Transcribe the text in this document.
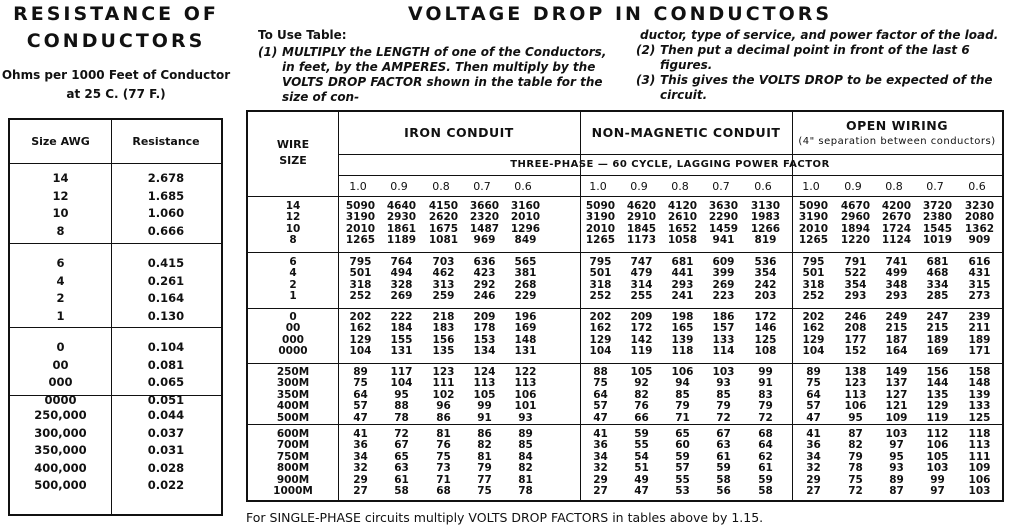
RESISTANCE OF
CONDUCTORS
Ohms per 1000 Feet of Conductor
at 25 C. (77 F.)
Size AWG	Resistance
14	2.678
12	1.685
10	1.060
8	0.666
6	0.415
4	0.261
2	0.164
1	0.130
0	0.104
00	0.081
000	0.065
0000	0.051
250,000	0.044
300,000	0.037
350,000	0.031
400,000	0.028
500,000	0.022
VOLTAGE DROP IN CONDUCTORS
To Use Table:
(1) MULTIPLY the LENGTH of one of the Conductors, in feet, by the AMPERES. Then multiply by the VOLTS DROP FACTOR shown in the table for the size of con-
ductor, type of service, and power factor of the load.
(2) Then put a decimal point in front of the last 6 figures.
(3) This gives the VOLTS DROP to be expected of the circuit.
WIRE
SIZE
IRON CONDUIT	NON-MAGNETIC CONDUIT	OPEN WIRING
(4" separation between conductors)
THREE-PHASE — 60 CYCLE, LAGGING POWER FACTOR
1.0	0.9	0.8	0.7	0.6	1.0	0.9	0.8	0.7	0.6	1.0	0.9	0.8	0.7	0.6
14	5090	4640	4150	3660	3160	5090	4620	4120	3630	3130	5090	4670	4200	3720	3230
12	3190	2930	2620	2320	2010	3190	2910	2610	2290	1983	3190	2960	2670	2380	2080
10	2010	1861	1675	1487	1296	2010	1845	1652	1459	1266	2010	1894	1724	1545	1362
8	1265	1189	1081	969	849	1265	1173	1058	941	819	1265	1220	1124	1019	909
6	795	764	703	636	565	795	747	681	609	536	795	791	741	681	616
4	501	494	462	423	381	501	479	441	399	354	501	522	499	468	431
2	318	328	313	292	268	318	314	293	269	242	318	354	348	334	315
1	252	269	259	246	229	252	255	241	223	203	252	293	293	285	273
0	202	222	218	209	196	202	209	198	186	172	202	246	249	247	239
00	162	184	183	178	169	162	172	165	157	146	162	208	215	215	211
000	129	155	156	153	148	129	142	139	133	125	129	177	187	189	189
0000	104	131	135	134	131	104	119	118	114	108	104	152	164	169	171
250M	89	117	123	124	122	88	105	106	103	99	89	138	149	156	158
300M	75	104	111	113	113	75	92	94	93	91	75	123	137	144	148
350M	64	95	102	105	106	64	82	85	85	83	64	113	127	135	139
400M	57	88	96	99	101	57	76	79	79	79	57	106	121	129	133
500M	47	78	86	91	93	47	66	71	72	72	47	95	109	119	125
600M	41	72	81	86	89	41	59	65	67	68	41	87	103	112	118
700M	36	67	76	82	85	36	55	60	63	64	36	82	97	106	113
750M	34	65	75	81	84	34	54	59	61	62	34	79	95	105	111
800M	32	63	73	79	82	32	51	57	59	61	32	78	93	103	109
900M	29	61	71	77	81	29	49	55	58	59	29	75	89	99	106
1000M	27	58	68	75	78	27	47	53	56	58	27	72	87	97	103
For SINGLE-PHASE circuits multiply VOLTS DROP FACTORS in tables above by 1.15.
